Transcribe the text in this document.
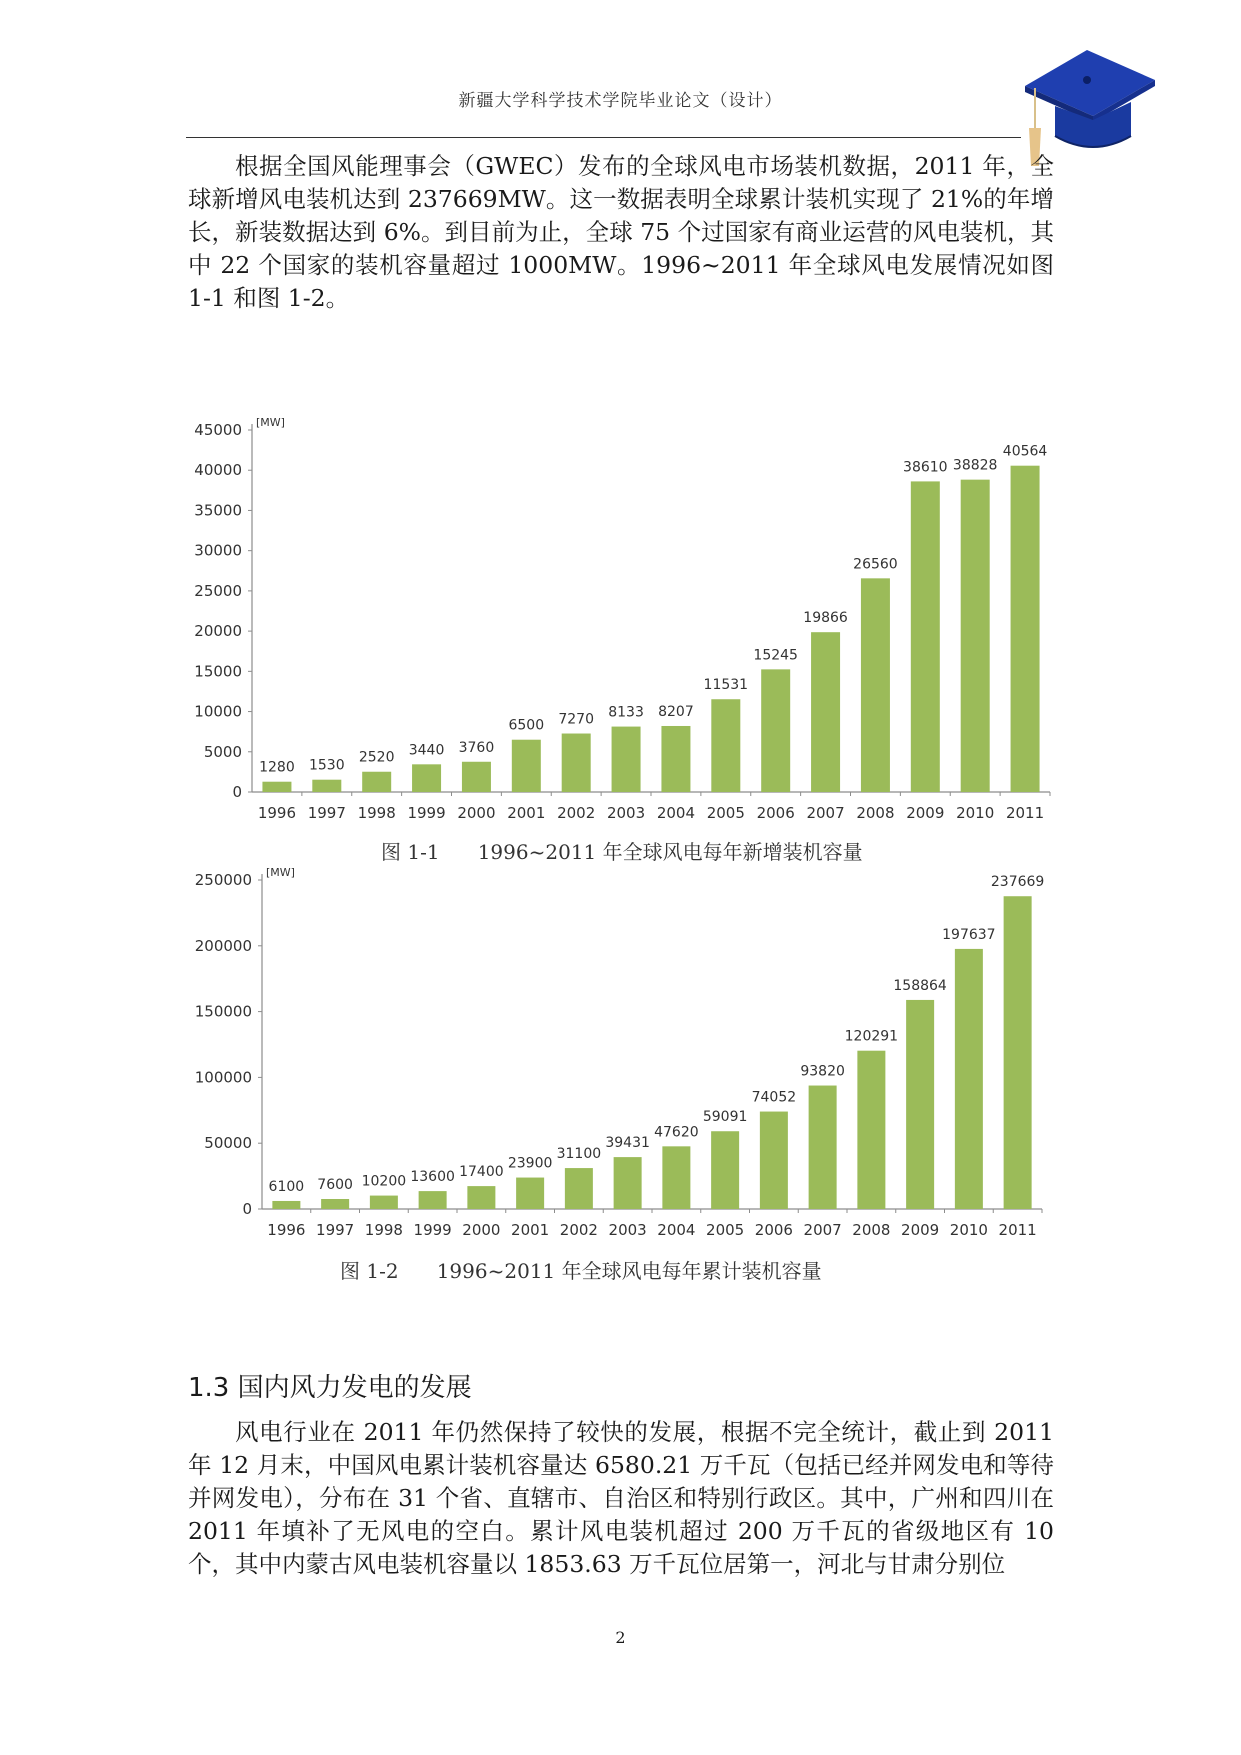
新疆大学科学技术学院毕业论文（设计）

根据全国风能理事会（GWEC）发布的全球风电市场装机数据，2011 年，全球新增风电装机达到 237669MW。这一数据表明全球累计装机实现了 21%的年增长，新装数据达到 6%。到目前为止，全球 75 个过国家有商业运营的风电装机，其中 22 个国家的装机容量超过 1000MW。1996~2011 年全球风电发展情况如图 1-1 和图 1-2。

[MW]
0
5000
10000
15000
20000
25000
30000
35000
40000
45000
1280
1996
1530
1997
2520
1998
3440
1999
3760
2000
6500
2001
7270
2002
8133
2003
8207
2004
11531
2005
15245
2006
19866
2007
26560
2008
38610
2009
38828
2010
40564
2011
图 1-1      1996~2011 年全球风电每年新增装机容量
[MW]
0
50000
100000
150000
200000
250000
6100
1996
7600
1997
10200
1998
13600
1999
17400
2000
23900
2001
31100
2002
39431
2003
47620
2004
59091
2005
74052
2006
93820
2007
120291
2008
158864
2009
197637
2010
237669
2011
图 1-2      1996~2011 年全球风电每年累计装机容量
1.3 国内风力发电的发展

风电行业在 2011 年仍然保持了较快的发展，根据不完全统计，截止到 2011 年 12 月末，中国风电累计装机容量达 6580.21 万千瓦（包括已经并网发电和等待并网发电），分布在 31 个省、直辖市、自治区和特别行政区。其中，广州和四川在 2011 年填补了无风电的空白。累计风电装机超过 200 万千瓦的省级地区有 10 个，其中内蒙古风电装机容量以 1853.63 万千瓦位居第一，河北与甘肃分别位

2
